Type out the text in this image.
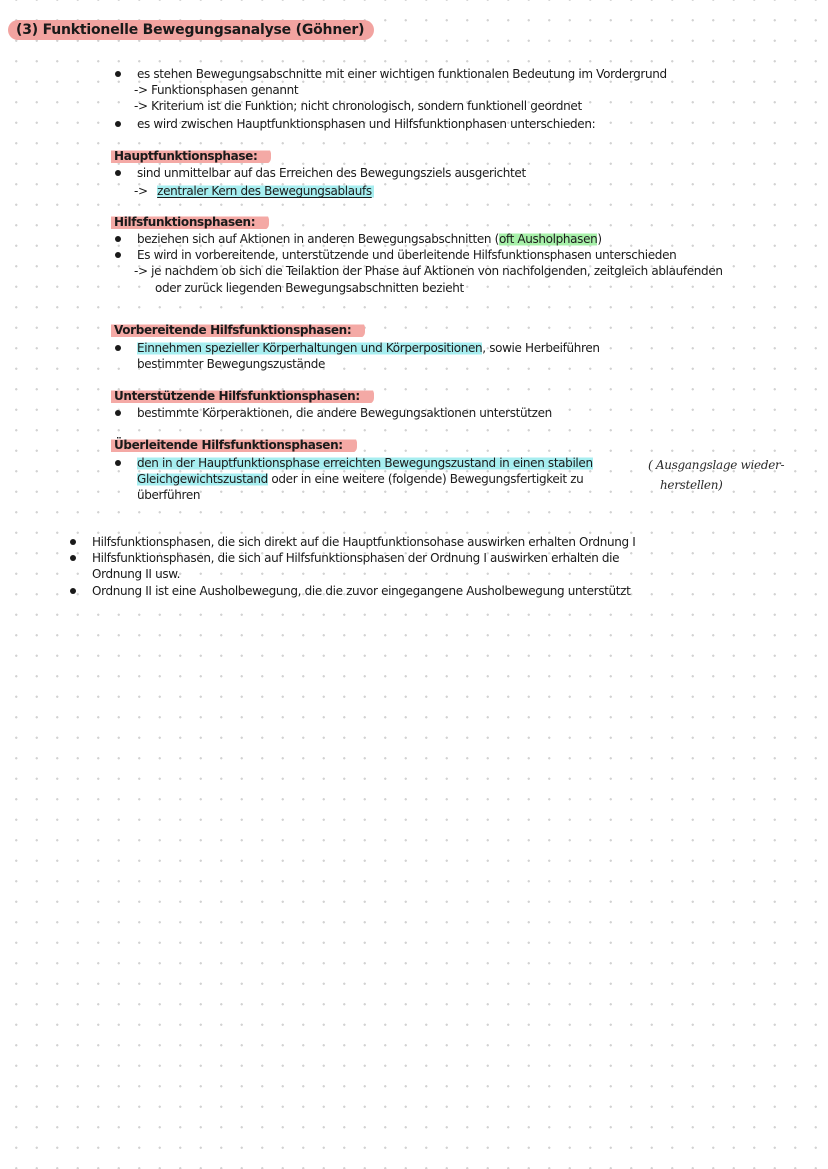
(3) Funktionelle Bewegungsanalyse (Göhner)
es stehen Bewegungsabschnitte mit einer wichtigen funktionalen Bedeutung im Vordergrund
-> Funktionsphasen genannt
-> Kriterium ist die Funktion; nicht chronologisch, sondern funktionell geordnet
es wird zwischen Hauptfunktionsphasen und Hilfsfunktionphasen unterschieden:
Hauptfunktionsphase:
sind unmittelbar auf das Erreichen des Bewegungsziels ausgerichtet
-> zentraler Kern des Bewegungsablaufs
Hilfsfunktionsphasen:
beziehen sich auf Aktionen in anderen Bewegungsabschnitten (oft Ausholphasen)
Es wird in vorbereitende, unterstützende und überleitende Hilfsfunktionsphasen unterschieden
-> je nachdem ob sich die Teilaktion der Phase auf Aktionen von nachfolgenden, zeitgleich ablaufenden
oder zurück liegenden Bewegungsabschnitten bezieht
Vorbereitende Hilfsfunktionsphasen:
Einnehmen spezieller Körperhaltungen und Körperpositionen, sowie Herbeiführen
bestimmter Bewegungszustände
Unterstützende Hilfsfunktionsphasen:
bestimmte Körperaktionen, die andere Bewegungsaktionen unterstützen
Überleitende Hilfsfunktionsphasen:
den in der Hauptfunktionsphase erreichten Bewegungszustand in einen stabilen
Gleichgewichtszustand oder in eine weitere (folgende) Bewegungsfertigkeit zu
überführen
( Ausgangslage wieder-
herstellen)
Hilfsfunktionsphasen, die sich direkt auf die Hauptfunktionsohase auswirken erhalten Ordnung I
Hilfsfunktionsphasen, die sich auf Hilfsfunktionsphasen der Ordnung I auswirken erhalten die
Ordnung II usw.
Ordnung II ist eine Ausholbewegung, die die zuvor eingegangene Ausholbewegung unterstützt
